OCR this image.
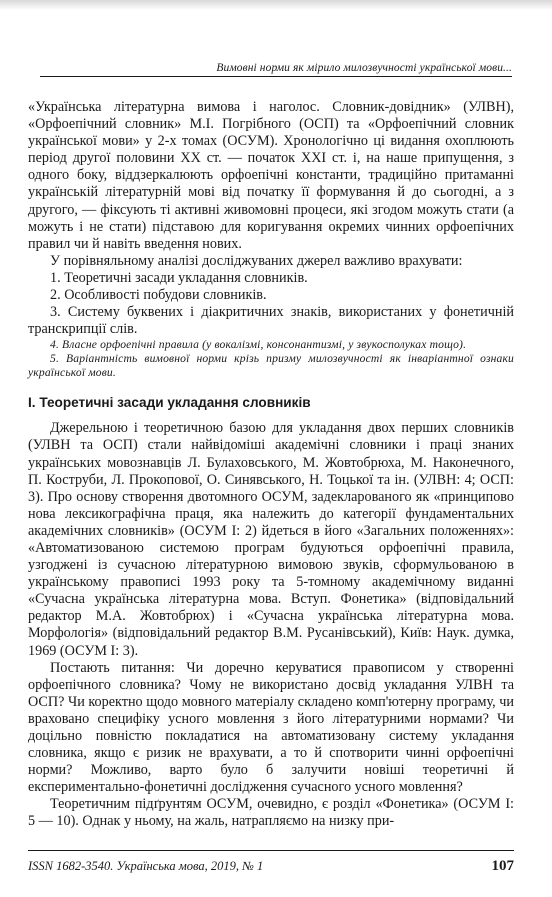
Вимовні норми як мірило милозвучності української мови...

«Українська літературна вимова і наголос. Словник-довідник» (УЛВН), «Орфоепічний словник» М.І. Погрібного (ОСП) та «Орфоепічний словник української мови» у 2-х томах (ОСУМ). Хронологічно ці видання охоплюють період другої половини ХХ ст. — початок ХХІ ст. і, на наше припущення, з одного боку, віддзеркалюють орфоепічні константи, традиційно притаманні українській літературній мові від початку її формування й до сьогодні, а з другого, — фіксують ті активні живомовні процеси, які згодом можуть стати (а можуть і не стати) підставою для коригування окремих чинних орфоепічних правил чи й навіть введення нових.

У порівняльному аналізі досліджуваних джерел важливо врахувати:

1. Теоретичні засади укладання словників.
2. Особливості побудови словників.
3. Систему буквених і діакритичних знаків, використаних у фонетичній транскрипції слів.

4. Власне орфоепічні правила (у вокалізмі, консонантизмі, у звукосполуках тощо).

5. Варіантність вимовної норми крізь призму милозвучності як інваріантної ознаки української мови.

І. Теоретичні засади укладання словників

Джерельною і теоретичною базою для укладання двох перших словників (УЛВН та ОСП) стали найвідоміші академічні словники і праці знаних українських мовознавців Л. Булаховського, М. Жовтобрюха, М. Наконечного, П. Коструби, Л. Прокопової, О. Синявського, Н. Тоцької та ін. (УЛВН: 4; ОСП: 3). Про основу створення двотомного ОСУМ, задекларованого як «принципово нова лексикографічна праця, яка належить до категорії фундаментальних академічних словників» (ОСУМ І: 2) йдеться в його «Загальних положеннях»: «Автоматизованою системою програм будуються орфоепічні правила, узгоджені із сучасною літературною вимовою звуків, сформульованою в українському правописі 1993 року та 5-томному академічному виданні «Сучасна українська літературна мова. Вступ. Фонетика» (відповідальний редактор М.А. Жовтобрюх) і «Сучасна українська літературна мова. Морфологія» (відповідальний редактор В.М. Русанівський), Київ: Наук. думка, 1969 (ОСУМ І: 3).

Постають питання: Чи доречно керуватися правописом у створенні орфоепічного словника? Чому не використано досвід укладання УЛВН та ОСП? Чи коректно щодо мовного матеріалу складено комп'ютерну програму, чи враховано специфіку усного мовлення з його літературними нормами? Чи доцільно повністю покладатися на автоматизовану систему укладання словника, якщо є ризик не врахувати, а то й спотворити чинні орфоепічні норми? Можливо, варто було б залучити новіші теоретичні й експериментально-фонетичні дослідження сучасного усного мовлення?

Теоретичним підґрунтям ОСУМ, очевидно, є розділ «Фонетика» (ОСУМ І: 5 — 10). Однак у ньому, на жаль, натрапляємо на низку при-

ISSN 1682-3540. Українська мова, 2019, № 1	107
